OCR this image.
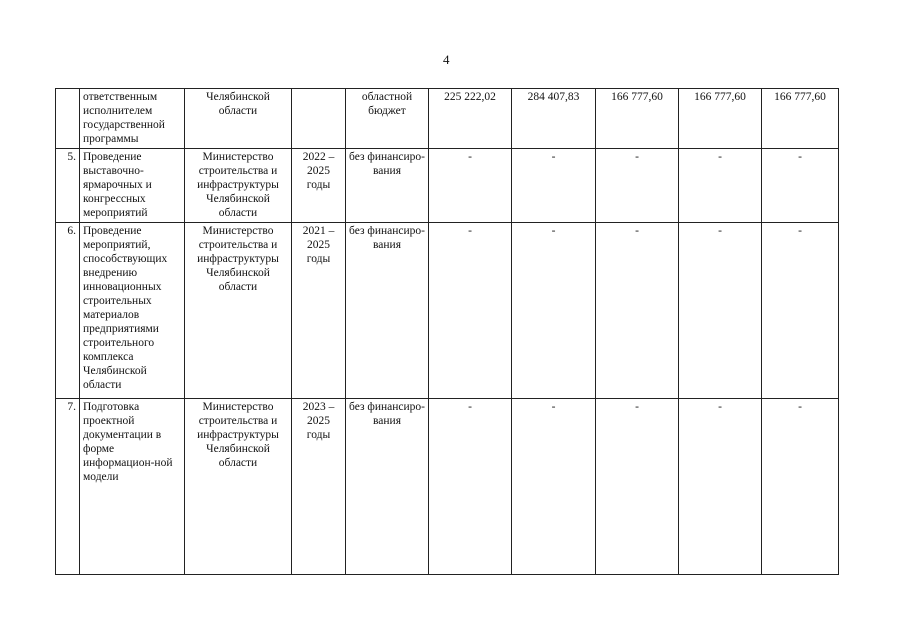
4
	ответственным исполнителем государственной программы	Челябинской области		областной бюджет	225 222,02	284 407,83	166 777,60	166 777,60	166 777,60
5.	Проведение выставочно-ярмарочных и конгрессных мероприятий	Министерство строительства и инфраструктуры Челябинской области	2022 – 2025 годы	без финансиро-вания	-	-	-	-	-
6.	Проведение мероприятий, способствующих внедрению инновационных строительных материалов предприятиями строительного комплекса Челябинской области	Министерство строительства и инфраструктуры Челябинской области	2021 – 2025 годы	без финансиро-вания	-	-	-	-	-
7.	Подготовка проектной документации в форме информацион-ной модели	Министерство строительства и инфраструктуры Челябинской области	2023 – 2025 годы	без финансиро-вания	-	-	-	-	-
